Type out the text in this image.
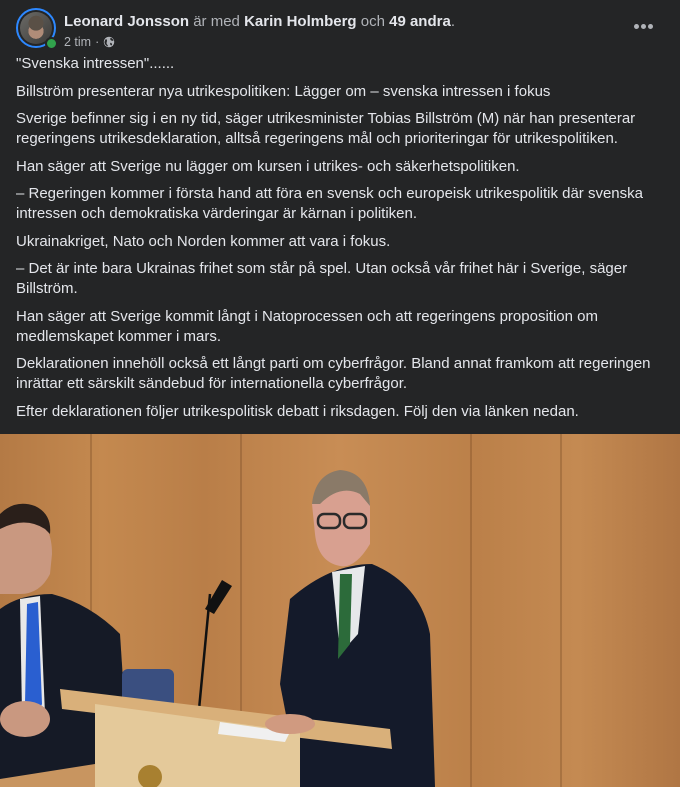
Leonard Jonsson är med Karin Holmberg och 49 andra.
2 tim ·

"Svenska intressen"......

Billström presenterar nya utrikespolitiken: Lägger om – svenska intressen i fokus

Sverige befinner sig i en ny tid, säger utrikesminister Tobias Billström (M) när han presenterar regeringens utrikesdeklaration, alltså regeringens mål och prioriteringar för utrikespolitiken.

Han säger att Sverige nu lägger om kursen i utrikes- och säkerhetspolitiken.

– Regeringen kommer i första hand att föra en svensk och europeisk utrikespolitik där svenska intressen och demokratiska värderingar är kärnan i politiken.

Ukrainakriget, Nato och Norden kommer att vara i fokus.

– Det är inte bara Ukrainas frihet som står på spel. Utan också vår frihet här i Sverige, säger Billström.

Han säger att Sverige kommit långt i Natoprocessen och att regeringens proposition om medlemskapet kommer i mars.

Deklarationen innehöll också ett långt parti om cyberfrågor. Bland annat framkom att regeringen inrättar ett särskilt sändebud för internationella cyberfrågor.

Efter deklarationen följer utrikespolitisk debatt i riksdagen. Följ den via länken nedan.
